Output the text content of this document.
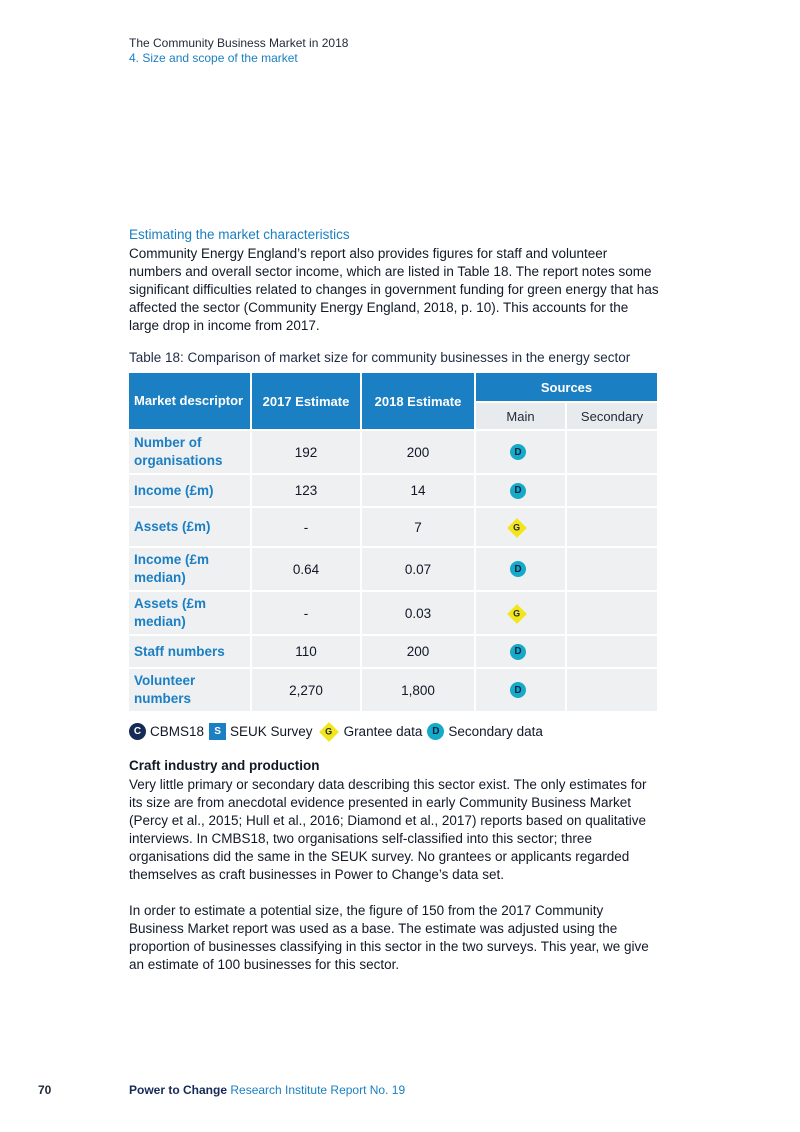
The Community Business Market in 2018
4. Size and scope of the market
Estimating the market characteristics

Community Energy England’s report also provides figures for staff and volunteer numbers and overall sector income, which are listed in Table 18. The report notes some significant difficulties related to changes in government funding for green energy that has affected the sector (Community Energy England, 2018, p. 10). This accounts for the large drop in income from 2017.

Table 18: Comparison of market size for community businesses in the energy sector
Market descriptor	2017 Estimate	2018 Estimate	Sources	
			Main	Secondary
Number of organisations	192	200	D	
Income (£m)	123	14	D	
Assets (£m)	-	7	G	

Income (£m median)	0.64	0.07	D	
Assets (£m median)	-	0.03	G	

Staff numbers	110	200	D	
Volunteer numbers	2,270	1,800	D	
C CBMS18	S SEUK Survey G Grantee data D Secondary data
Craft industry and production

Very little primary or secondary data describing this sector exist. The only estimates for its size are from anecdotal evidence presented in early Community Business Market (Percy et al., 2015; Hull et al., 2016; Diamond et al., 2017) reports based on qualitative interviews. In CMBS18, two organisations self-classified into this sector; three organisations did the same in the SEUK survey. No grantees or applicants regarded themselves as craft businesses in Power to Change’s data set.

In order to estimate a potential size, the figure of 150 from the 2017 Community Business Market report was used as a base. The estimate was adjusted using the proportion of businesses classifying in this sector in the two surveys. This year, we give an estimate of 100 businesses for this sector.

70	Power to Change Research Institute Report No. 19
